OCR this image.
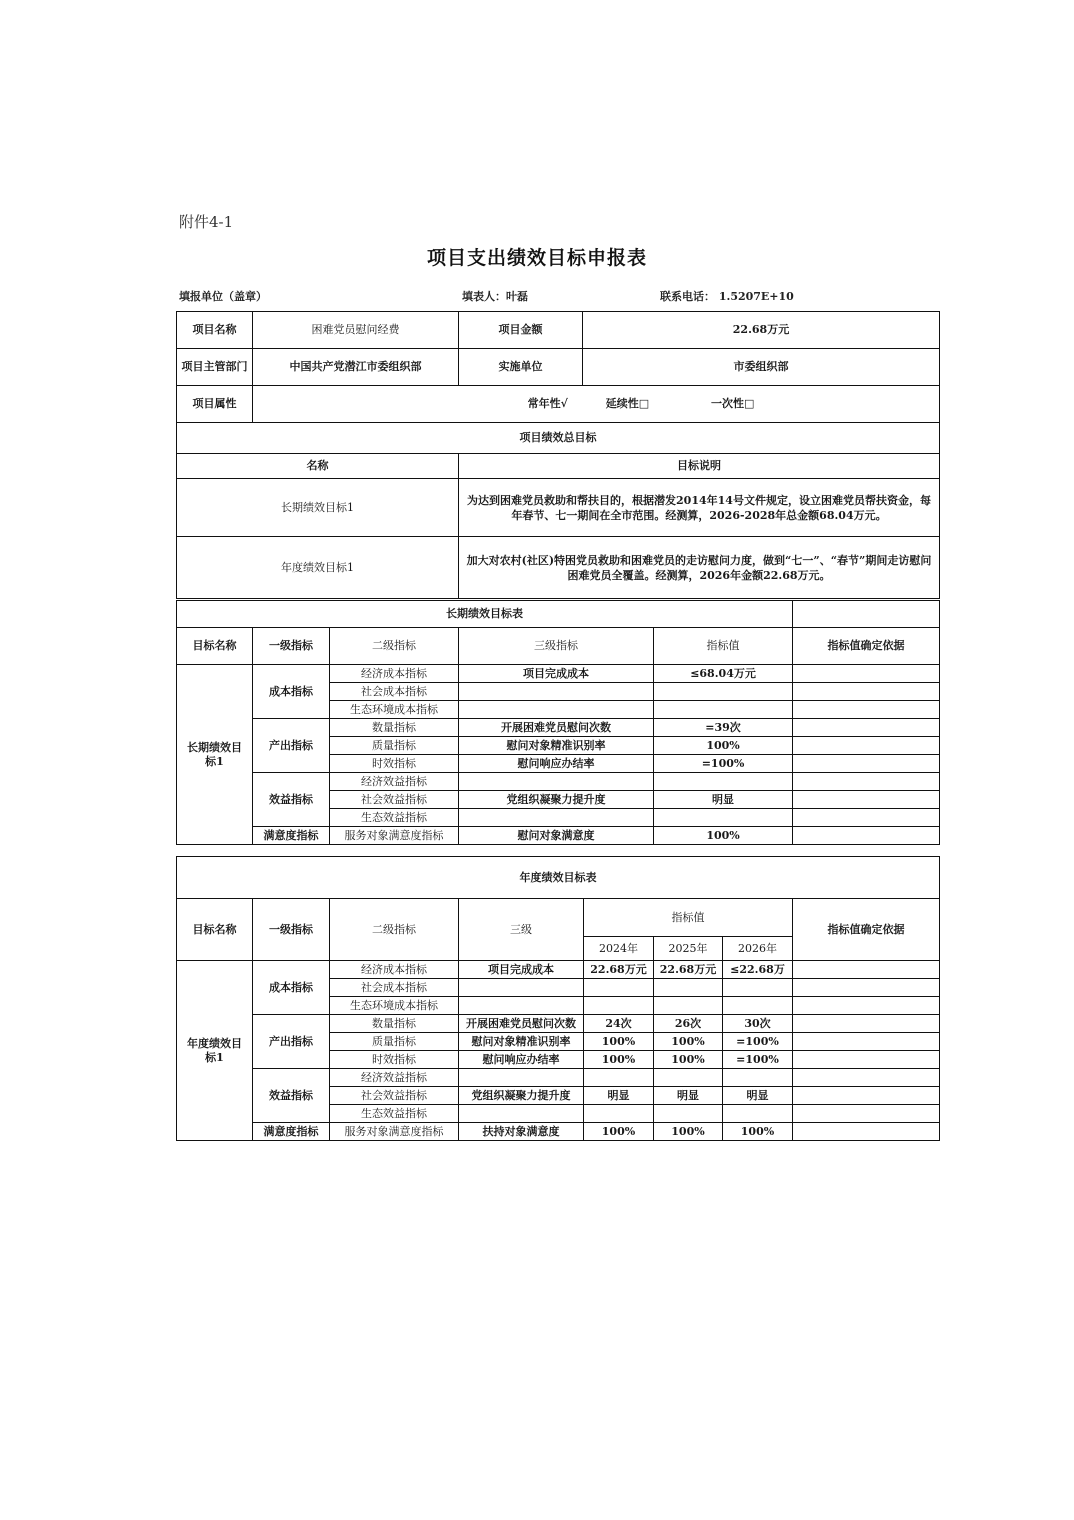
附件4-1
项目支出绩效目标申报表
填报单位（盖章）	填表人：叶磊	联系电话： 1.5207E+10
项目名称	困难党员慰问经费	项目金额	22.68万元
项目主管部门	中国共产党潜江市委组织部	实施单位	市委组织部
项目属性	常年性√ 延续性□ 一次性□		
项目绩效总目标			
名称		目标说明	
长期绩效目标1		为达到困难党员救助和帮扶目的，根据潜发2014年14号文件规定，设立困难党员帮扶资金，每年春节、七一期间在全市范围。经测算，2026-2028年总金额68.04万元。	
年度绩效目标1		加大对农村(社区)特困党员救助和困难党员的走访慰问力度，做到“七一”、“春节”期间走访慰问困难党员全覆盖。经测算，2026年金额22.68万元。	
长期绩效目标表					
目标名称	一级指标	二级指标	三级指标	指标值	指标值确定依据
长期绩效目标1	成本指标	经济成本指标	项目完成成本	≤68.04万元	
		社会成本指标			
		生态环境成本指标			
	产出指标	数量指标	开展困难党员慰问次数	=39次	
		质量指标	慰问对象精准识别率	100%	
		时效指标	慰问响应办结率	=100%	
	效益指标	经济效益指标			
		社会效益指标	党组织凝聚力提升度	明显	
		生态效益指标			
	满意度指标	服务对象满意度指标	慰问对象满意度	100%	
年度绩效目标表							
目标名称	一级指标	二级指标	三级	指标值			指标值确定依据
				2024年	2025年	2026年	
年度绩效目标1	成本指标	经济成本指标	项目完成成本	22.68万元	22.68万元	≤22.68万	
		社会成本指标					
		生态环境成本指标					
	产出指标	数量指标	开展困难党员慰问次数	24次	26次	30次	
		质量指标	慰问对象精准识别率	100%	100%	=100%	
		时效指标	慰问响应办结率	100%	100%	=100%	
	效益指标	经济效益指标					
		社会效益指标	党组织凝聚力提升度	明显	明显	明显	
		生态效益指标					
	满意度指标	服务对象满意度指标	扶持对象满意度	100%	100%	100%	
